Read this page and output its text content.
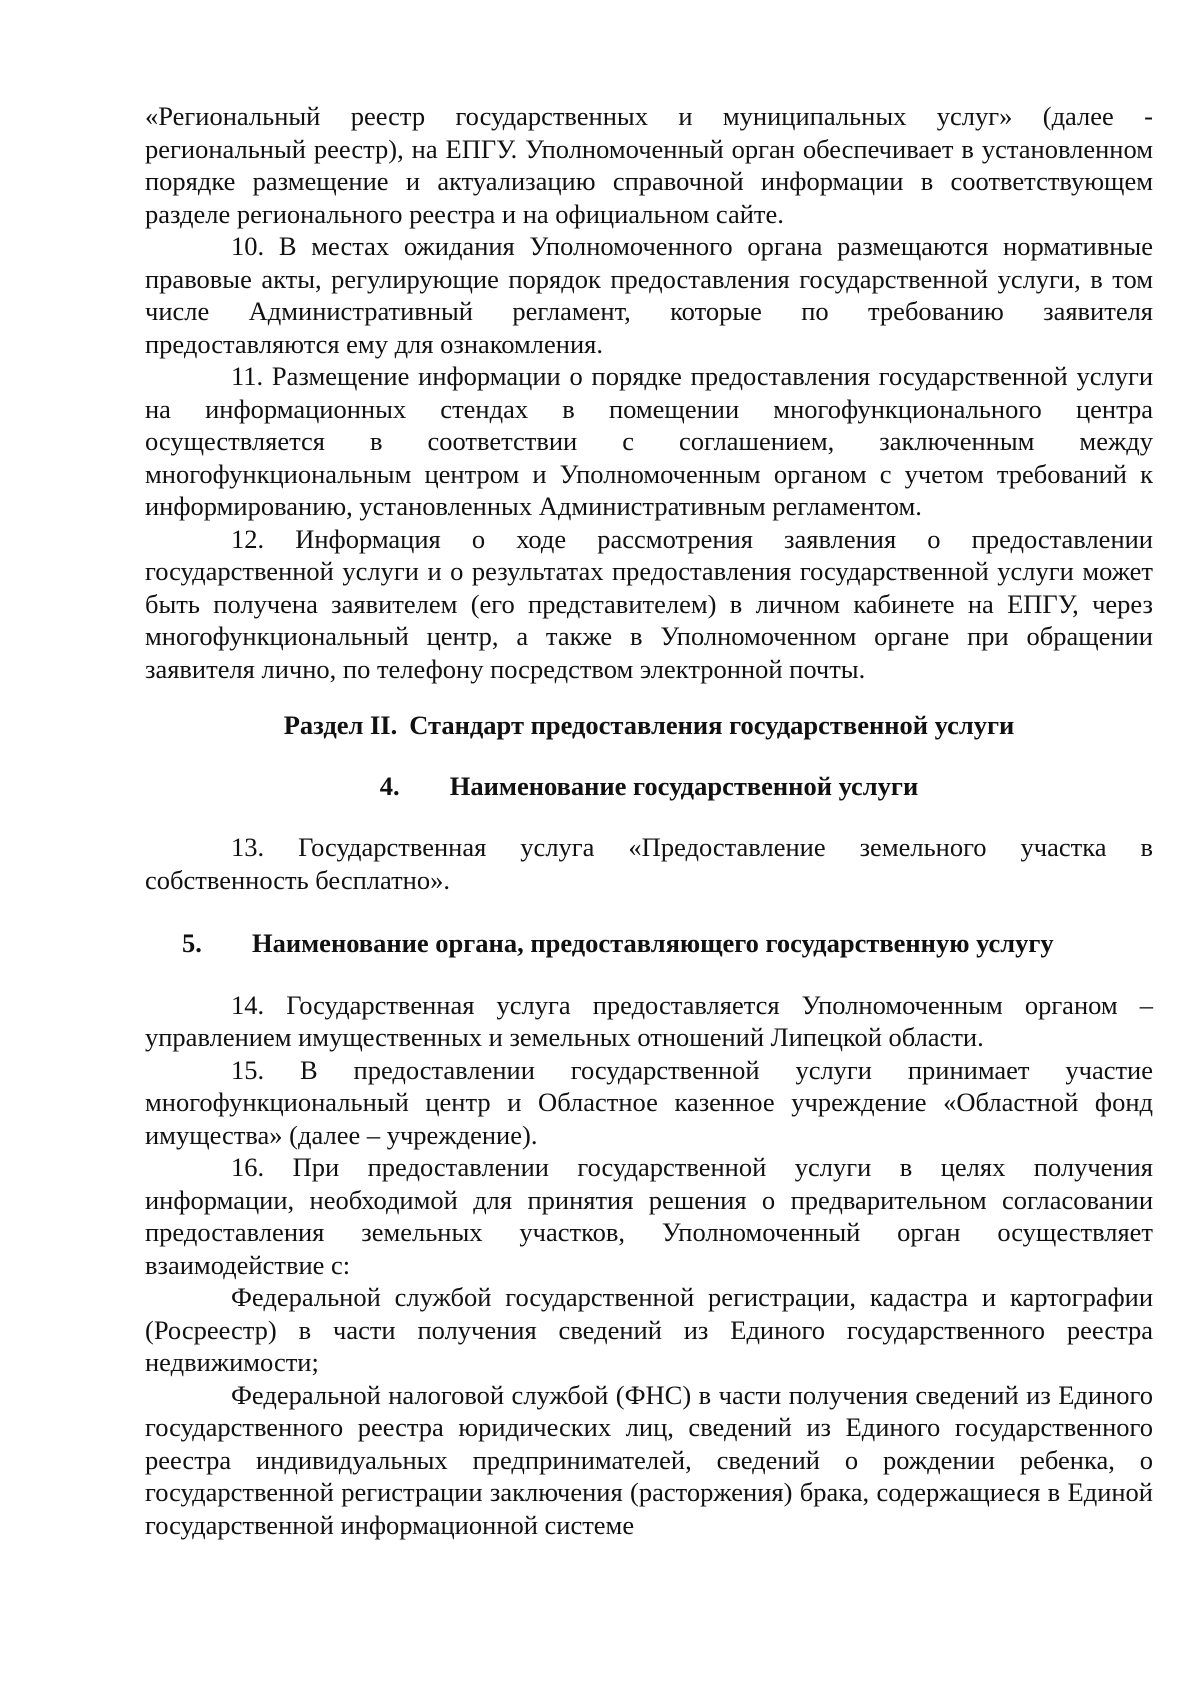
«Региональный реестр государственных и муниципальных услуг» (далее - региональный реестр), на ЕПГУ. Уполномоченный орган обеспечивает в установленном порядке размещение и актуализацию справочной информации в соответствующем разделе регионального реестра и на официальном сайте.

10. В местах ожидания Уполномоченного органа размещаются нормативные правовые акты, регулирующие порядок предоставления государственной услуги, в том числе Административный регламент, которые по требованию заявителя предоставляются ему для ознакомления.

11. Размещение информации о порядке предоставления государственной услуги на информационных стендах в помещении многофункционального центра осуществляется в соответствии с соглашением, заключенным между многофункциональным центром и Уполномоченным органом с учетом требований к информированию, установленных Административным регламентом.

12. Информация о ходе рассмотрения заявления о предоставлении государственной услуги и о результатах предоставления государственной услуги может быть получена заявителем (его представителем) в личном кабинете на ЕПГУ, через многофункциональный центр, а также в Уполномоченном органе при обращении заявителя лично, по телефону посредством электронной почты.

Раздел II. Стандарт предоставления государственной услуги

4. Наименование государственной услуги

13. Государственная услуга «Предоставление земельного участка в собственность бесплатно».

5. Наименование органа, предоставляющего государственную услугу

14. Государственная услуга предоставляется Уполномоченным органом – управлением имущественных и земельных отношений Липецкой области.

15. В предоставлении государственной услуги принимает участие многофункциональный центр и Областное казенное учреждение «Областной фонд имущества» (далее – учреждение).

16. При предоставлении государственной услуги в целях получения информации, необходимой для принятия решения о предварительном согласовании предоставления земельных участков, Уполномоченный орган осуществляет взаимодействие с:

Федеральной службой государственной регистрации, кадастра и картографии (Росреестр) в части получения сведений из Единого государственного реестра недвижимости;

Федеральной налоговой службой (ФНС) в части получения сведений из Единого государственного реестра юридических лиц, сведений из Единого государственного реестра индивидуальных предпринимателей, сведений о рождении ребенка, о государственной регистрации заключения (расторжения) брака, содержащиеся в Единой государственной информационной системе
